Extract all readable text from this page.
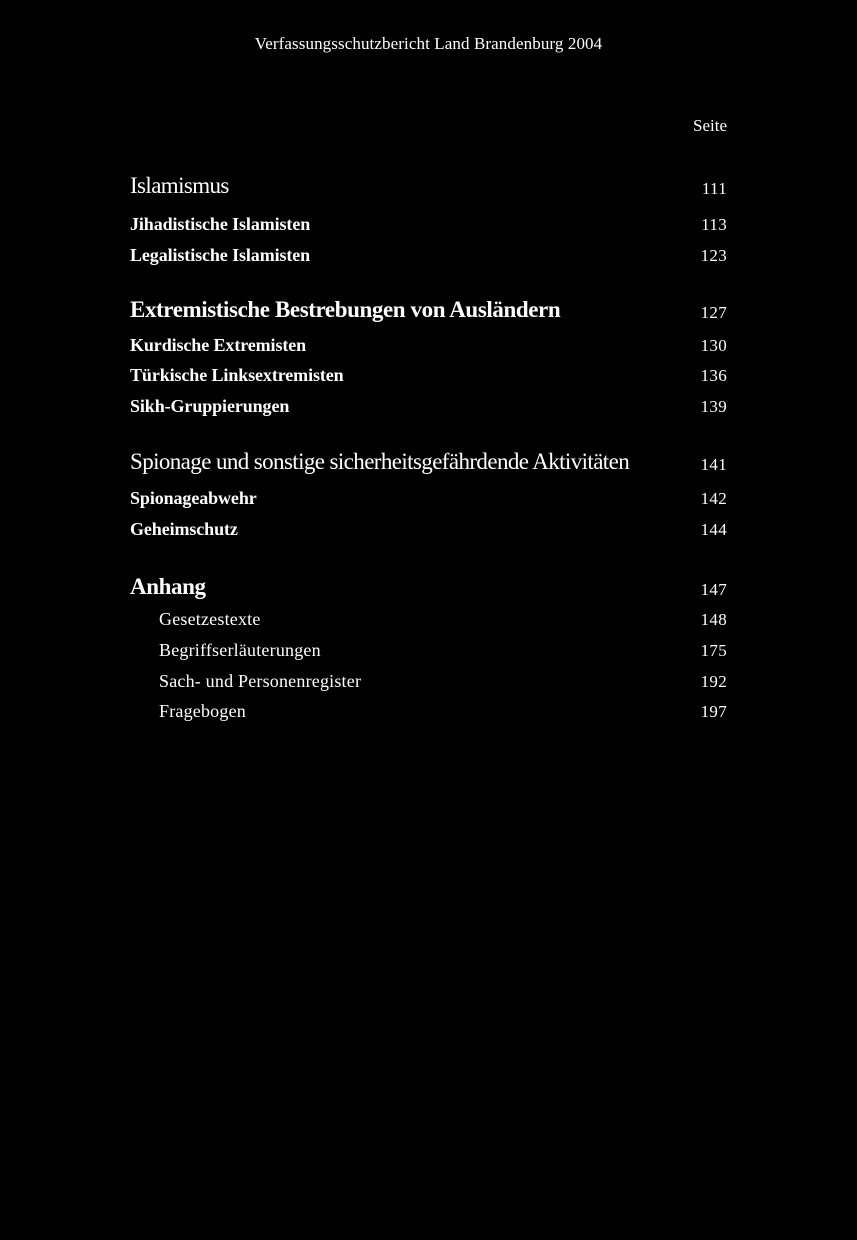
Verfassungsschutzbericht Land Brandenburg 2004
Seite
Islamismus	111
Jihadistische Islamisten	113
Legalistische Islamisten	123
Extremistische Bestrebungen von Ausländern	127
Kurdische Extremisten	130
Türkische Linksextremisten	136
Sikh-Gruppierungen	139
Spionage und sonstige sicherheitsgefährdende Aktivitäten	141
Spionageabwehr	142
Geheimschutz	144
Anhang	147
Gesetzestexte	148
Begriffserläuterungen	175
Sach- und Personenregister	192
Fragebogen	197
